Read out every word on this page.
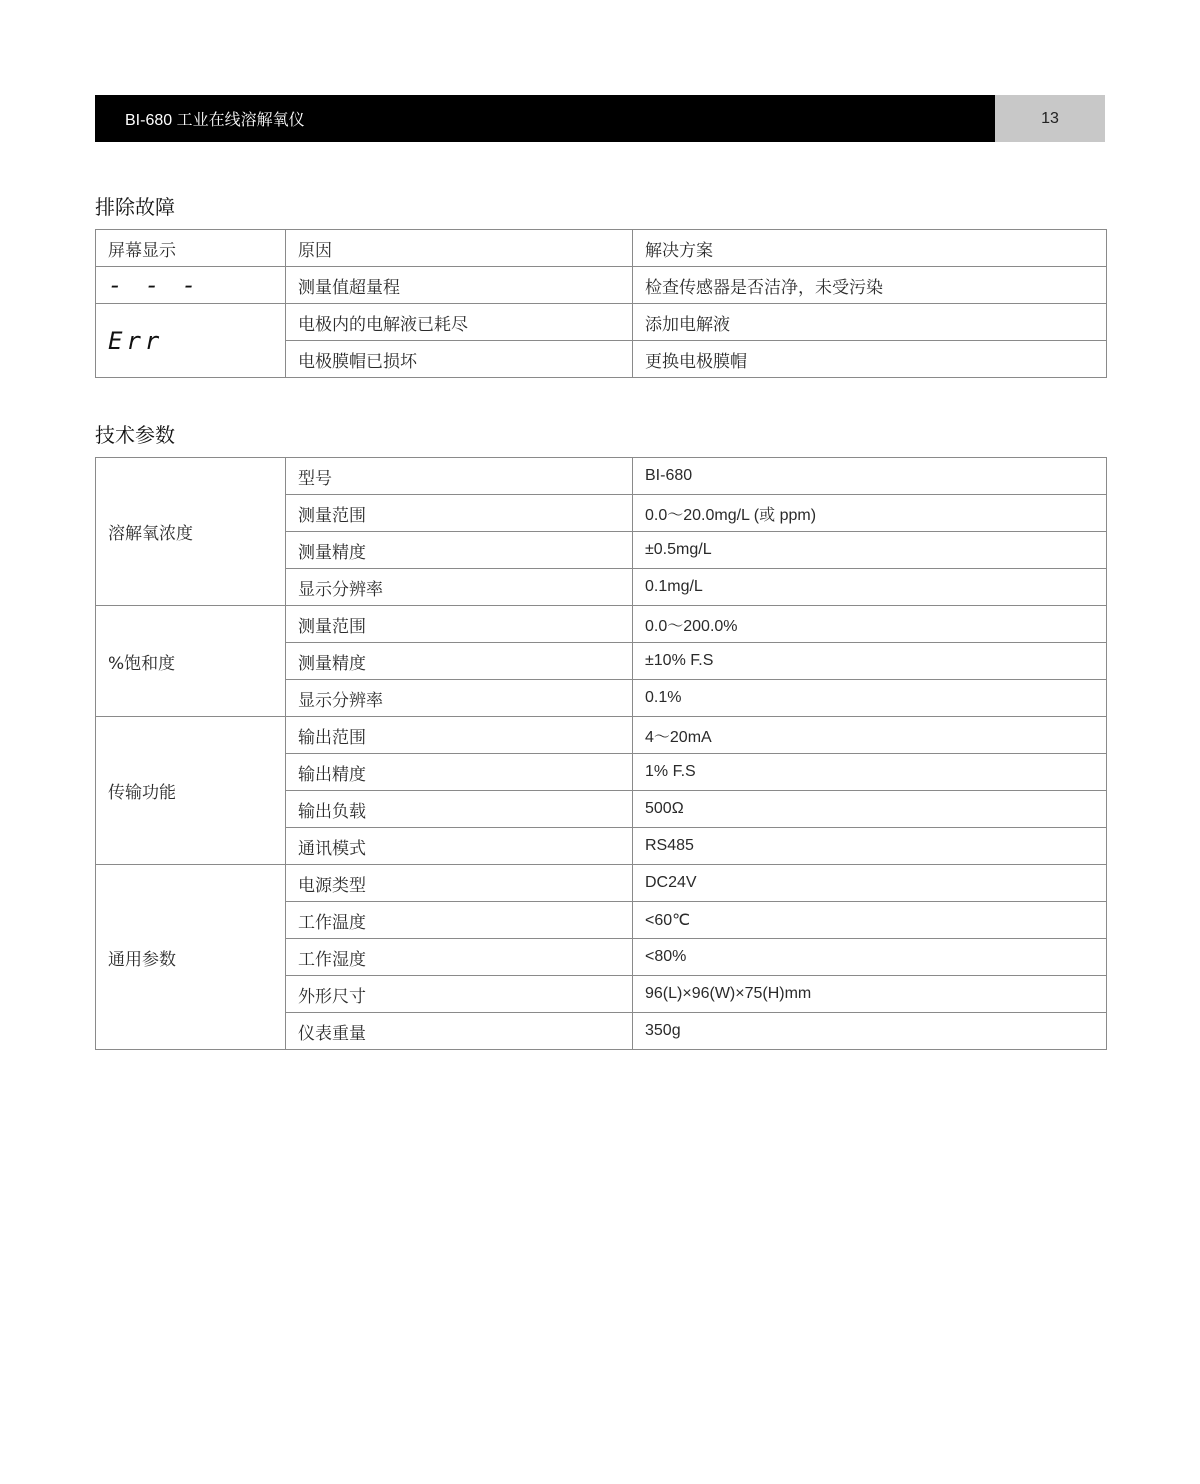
BI-680 工业在线溶解氧仪	13
排除故障
屏幕显示	原因	解决方案
- - -	测量值超量程	检查传感器是否洁净，未受污染
Err	电极内的电解液已耗尽	添加电解液
	电极膜帽已损坏	更换电极膜帽
技术参数
溶解氧浓度	型号	BI-680
	测量范围	0.0～20.0mg/L (或 ppm)
	测量精度	±0.5mg/L
	显示分辨率	0.1mg/L
%饱和度	测量范围	0.0～200.0%
	测量精度	±10% F.S
	显示分辨率	0.1%
传输功能	输出范围	4～20mA
	输出精度	1% F.S
	输出负载	500Ω
	通讯模式	RS485
通用参数	电源类型	DC24V
	工作温度	<60℃
	工作湿度	<80%
	外形尺寸	96(L)×96(W)×75(H)mm
	仪表重量	350g
